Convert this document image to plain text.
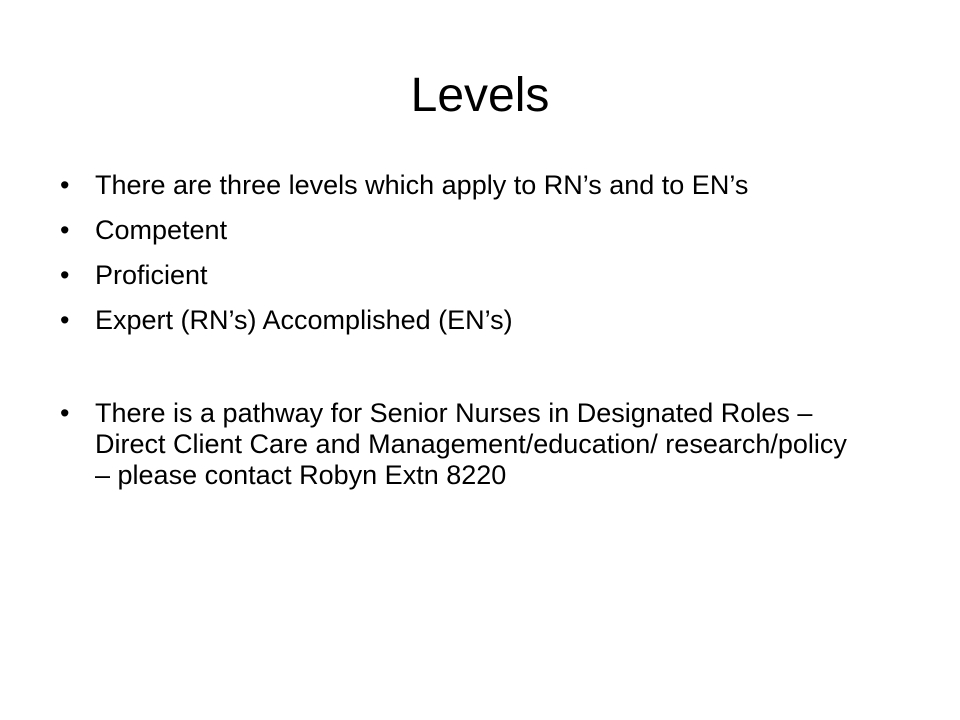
Levels
• There are three levels which apply to RN’s and to EN’s
• Competent
• Proficient
• Expert (RN’s) Accomplished (EN’s)
• There is a pathway for Senior Nurses in Designated Roles – Direct Client Care and Management/education/ research/policy – please contact Robyn Extn 8220
